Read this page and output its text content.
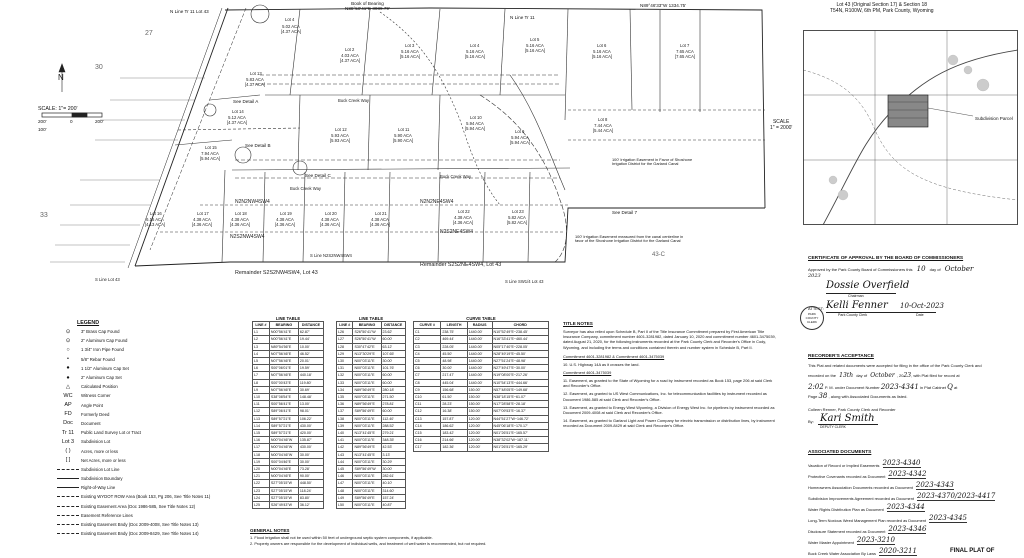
N Line Tr 11 Lot 43
Book of Bearing
N89°50'41"E 3089.79'
N Line Tr 11
N89°46'33"W 1334.75'	Lot 43 (Original Section 17) & Section 18
T54N, R100W, 6th PM, Park County, Wyoming
Lot 4
5.02 ACA
[4.37 ACA]
Lot 2
4.03 ACA
[4.37 ACA]
Lot 3
5.16 ACA
[5.16 ACA]
Lot 4
5.16 ACA
[5.16 ACA]
Lot 5
5.16 ACA
[5.16 ACA]
Lot 6
5.16 ACA
[5.16 ACA]
Lot 7
7.65 ACA
[7.65 ACA]
Lot 8
7.44 ACA
[5.44 ACA]
Lot 9
5.94 ACA
[5.94 ACA]
Lot 10
5.94 ACA
[5.94 ACA]
Lot 11
5.90 ACA
[5.90 ACA]
Lot 12
5.93 ACA
[5.93 ACA]
Lot 13
5.83 ACA
[4.37 ACA]
Lot 14
5.12 ACA
[4.37 ACA]
Lot 15
7.94 ACA
[5.94 ACA]
Lot 16
6.15 ACA
[4.13 ACA]
Lot 17
4.38 ACA
[4.36 ACA]
Lot 18
4.38 ACA
[4.36 ACA]
Lot 19
4.38 ACA
[4.36 ACA]
Lot 20
4.38 ACA
[4.36 ACA]
Lot 21
4.38 ACA
[4.36 ACA]
Lot 22
4.38 ACA
[4.36 ACA]
Lot 23
5.82 ACA
[5.82 ACA]
Buck Creek Way
Buck Creek Way
Buck Creek Way
N2N2NW4SW4	N2N2NE4SW4
N2S2NW4SW4
N2S2NE4SW4
Remainder S2S2NW4SW4, Lot 43
Remainder S2S2NE4SW4, Lot 43
S Line N2S2NW4SW4
S Line SW1/4 Lot 43
S Line Lot 43
SCALE: 1"= 200'
200'	0	200'
100'
SCALE
1" = 2000'
27
30
33
43-C
See Detail A
See Detail B
See Detail C
See Detail 7
Subdivision Parcel
100' Irrigation Easement measured from the canal centerline in favor of the Shoshone Irrigation District for the Garland Canal
100' Irrigation Easement in Favor of Shoshone Irrigation District for the Garland Canal
N
LEGEND
⊙	3" Brass Cap Found
⊙	2" Aluminum Cap Found
○	1 3/4" Iron Pipe Found
•	5/8" Rebar Found
●	1 1/2" Aluminum Cap Set
●	2" Aluminum Cap Set
△	Calculated Position
WC	Witness Corner
AP	Angle Point
FD	Formerly Deed
Doc	Document
Tr 11	Public Land Survey Lot or Tract
Lot 3	Subdivision Lot
( )	Acres, more or less
[ ]	Net Acres, more or less
Subdivision Lot Line
Subdivision Boundary
Right-of-Way Line
Existing WYDOT ROW Area (Book 153, Pg 206, See Title Notes 11)
Existing Easement Area (Doc 1986-585, See Title Notes 12)
Easement Reference Lines
Existing Easement Bndy (Doc 2009-4008, See Title Notes 13)
Existing Easement Bndy (Doc 2009-8429, See Title Notes 14)
LINE TABLE
LINE #	BEARING	DISTANCE
L1	N00°56'41"E	62.87'
L2	N00°56'41"E	19.44'
L3	N89°54'56"E	10.00'
L4	N07°56'46"E	46.52'
L5	N07°56'46"E	20.01'
L6	S00°06'01"E	19.59'
L7	N07°56'46"E	440.18'
L8	S00°00'43"E	119.80'
L9	N07°56'46"E	30.69'
L10	S38°08'54"E	148.48'
L11	S00°56'41"E	13.00'
L12	S89°06'41"E	98.01'
L13	S89°57'21"E	106.22'
L14	S89°57'21"E	430.00'
L15	S89°57'21"E	420.00'
L16	N00°04'46"W	135.87'
L17	N00°04'46"W	430.00'
L18	N00°04'46"W	30.00'
L19	S00°04'46"E	30.00'
L20	N00°04'46"E	73.28'
L21	N00°04'46"E	90.00'
L22	S27°05'15"W	448.50'
L23	S27°05'15"W	118.24'
L24	S27°05'15"W	83.80'
L25	S26°49'43"W	36.12'
LINE TABLE
LINE #	BEARING	DISTANCE
L26	S26°50'41"W	23.62'
L27	S26°50'41"W	60.00'
L28	S30°47'42"E	63.12'
L29	N13°30'29"E	107.65'
L30	N00°03'11"E	30.00'
L31	N00°03'11"E	101.76'
L32	N00°03'11"E	60.00'
L33	N00°03'11"E	60.00'
L34	N89°56'49"E	280.18'
L35	N00°03'11"E	271.50'
L36	N89°56'49"E	278.81'
L37	S89°56'49"E	60.00'
L38	N00°03'11"E	112.40'
L39	N00°03'11"E	288.52'
L40	N13°41'45"E	279.21'
L41	N00°03'11"E	348.35'
L42	N89°56'49"E	42.53'
L43	N13°41'45"E	3.13'
L44	N00°03'11"E	30.29'
L45	S89°56'49"W	30.00'
L46	N00°03'11"E	282.61'
L47	N00°03'11"E	40.10'
L48	N00°03'11"E	314.60'
L49	S89°56'49"E	157.24'
L50	N00°03'11"E	40.87'
CURVE TABLE
CURVE #	LENGTH	RADIUS	CHORD
C1	238.75'	1440.00'	N10°52'49"E~238.45'
C2	469.44'	1440.00'	N16°33'41"E~460.44'
C3	228.05'	1440.00'	N05°17'40"E~228.05'
C4	45.50'	1440.00'	N28°49'19"E~45.50'
C5	48.98'	1440.00'	N27°51'24"E~48.98'
C6	30.00'	1440.00'	N27°49'47"E~30.00'
C7	217.47'	1440.00'	N19°08'00"E~217.26'
C8	445.04'	1440.00'	N10°54'13"E~444.66'
C9	156.68'	150.00'	N57°48'05"E~149.68'
C10	61.50'	150.00'	N38°18'15"E~61.07'
C11	28.23'	150.00'	N17°28'58"E~28.18'
C12	16.38'	150.00'	N07°09'53"E~16.37'
C13	157.87'	120.00'	N44°51'27"W~146.72'
C14	186.62'	120.00'	N45°06'18"E~170.17'
C15	183.42'	120.00'	N01°26'51"E~165.57'
C16	214.66'	120.00'	N38°32'02"W~187.11'
C17	182.36'	120.00'	N01°26'51"E~165.29'
TITLE NOTES

Surveyor has also relied upon Schedule B, Part II of the Title Insurance Commitment prepared by First American Title Insurance Company, commitment number 4601-3281982, dated January 10, 2020 and commitment number 4601-3475039, dated August 21, 2020, for the following instruments recorded at the Park County Clerk and Recorder's Office in Cody, Wyoming, and including the terms and conditions contained therein and number system in Schedule B, Part II.

Commitment 4601-3281982 & Commitment 4601-3475039

10. U.S. Highway 14A as it crosses the land.

Commitment 4601-3475039

11. Easement, as granted to the State of Wyoming for a road by instrument recorded as Book 153, page 206 at said Clerk and Recorder's Office.

12. Easement, as granted to US West Communications, Inc. for telecommunication facilities by instrument recorded as Document 1986-585 at said Clerk and Recorder's Office.

13. Easement, as granted to Energy West Wyoming, a Division of Energy West Inc. for pipelines by instrument recorded as Document 2009-4008 at said Clerk and Recorder's Office.

14. Easement, as granted to Garland Light and Power Company for electric transmission or distribution lines, by instrument recorded as Document 2009-8429 at said Clerk and Recorder's Office.

GENERAL NOTES

1. Flood irrigation shall not be used within 50 feet of underground septic system components, if applicable.

2. Property owners are responsible for the development of individual wells, and treatment of well water is recommended, but not required.

CERTIFICATE OF APPROVAL BY THE BOARD OF COMMISSIONERS
Approved by the Park County Board of Commissioners this 10 day of October
2023
Dossie Overfield
Chairman
ATTEST: Kelli Fenner 10-Oct-2023
Park County Clerk	Date
PARK
COUNTY CLERK
RECORDER'S ACCEPTANCE
This Plat and related documents were accepted for filing in the office of the Park County Clerk and
recorded on the 13th day of October , 2023, with Plat filed for record at
2:02 P. M. under Document Number 2023-4341 in Plat Cabinet Q at
Page 38 , along with Associated Documents as listed.
Colleen Renner, Park County Clerk and Recorder
By: Kari Smith
DEPUTY CLERK
ASSOCIATED DOCUMENTS
Vacation of Record or Implied Easements 2023-4340
Protective Covenants recorded as Document 2023-4342
Homeowners Association Documents recorded as Document 2023-4343
Subdivision Improvements Agreement recorded as Document 2023-4370/2023-4417
Water Rights Distribution Plan as Document 2023-4344
Long-Term Noxious Weed Management Plan recorded as Document 2023-4345
Disclosure Statement recorded as Document 2023-4346
Water Master Appointment 2023-3210
Buck Creek Water Association By Laws 2020-3211	FINAL PLAT OF
